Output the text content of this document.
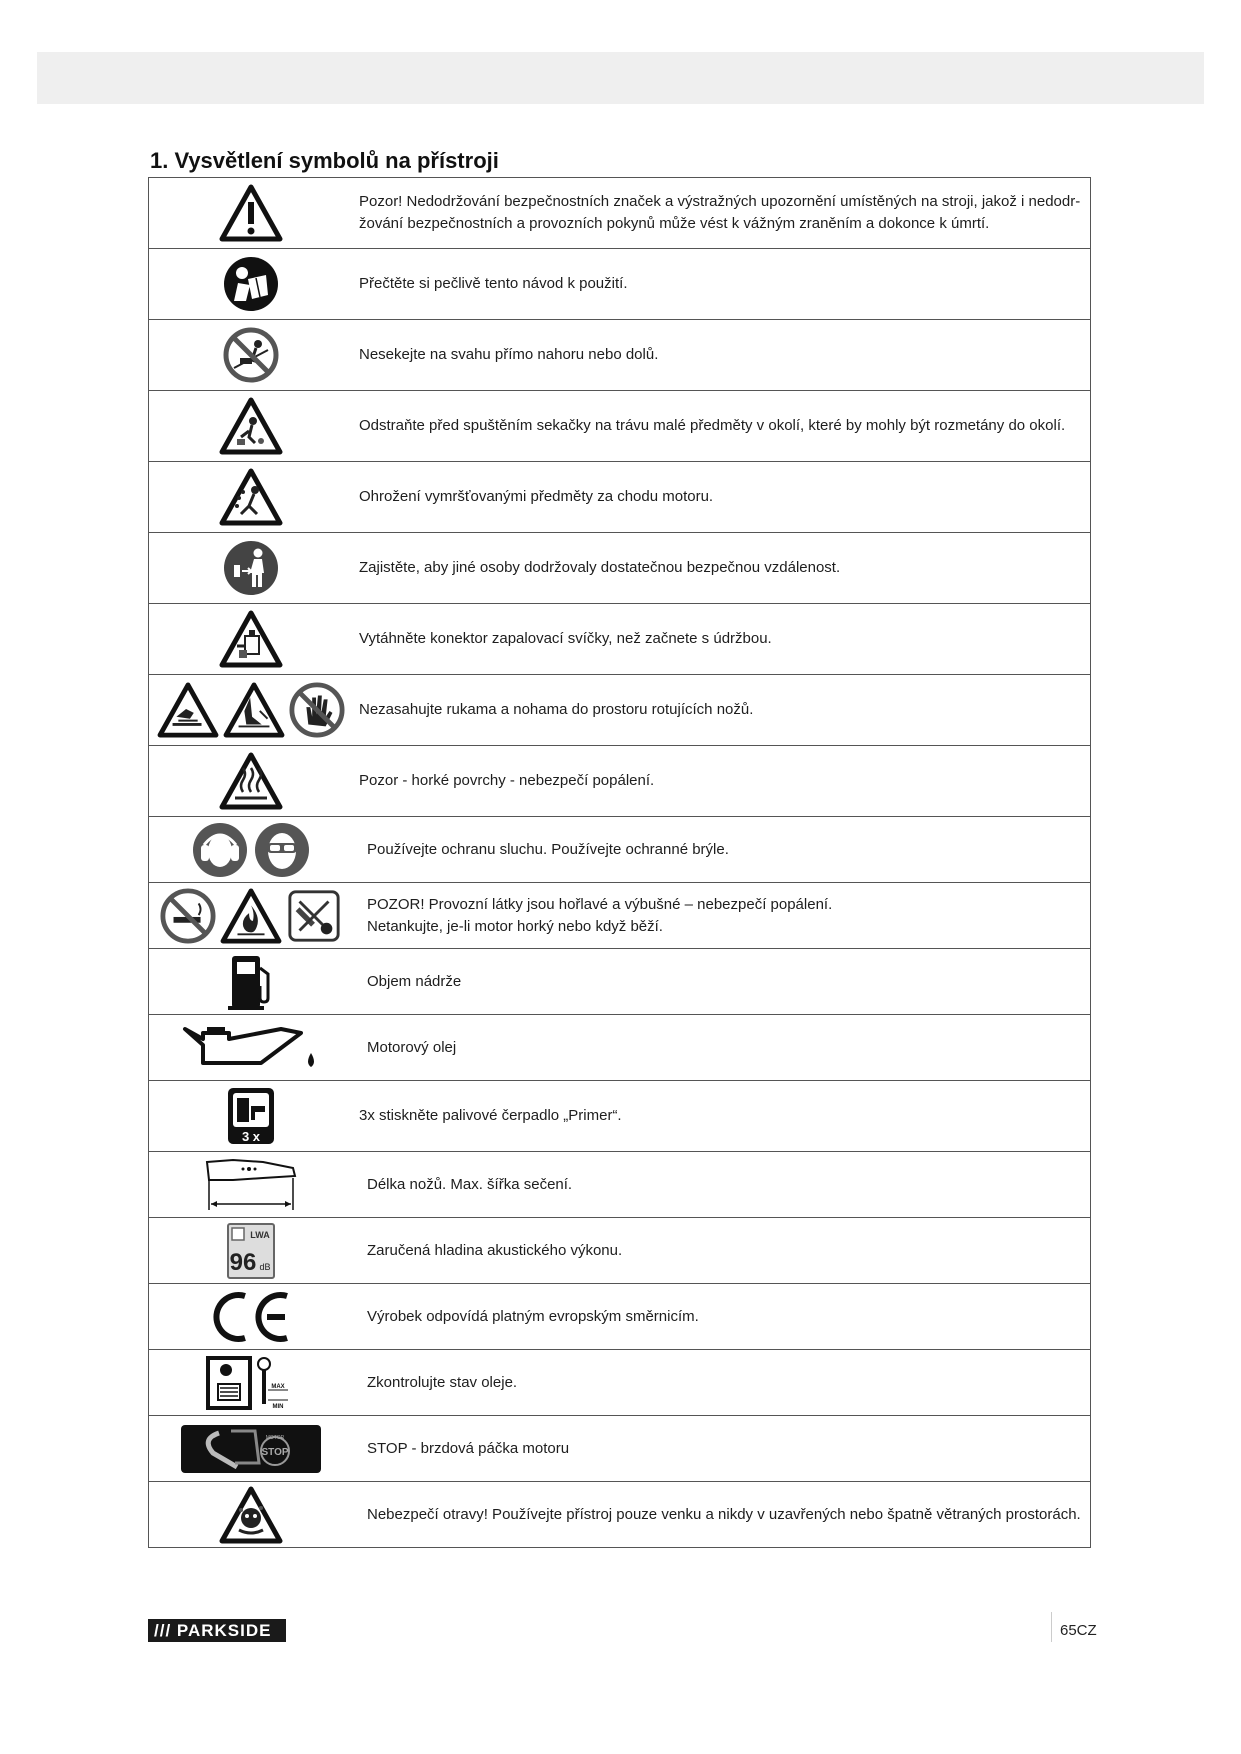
1. Vysvětlení symbolů na přístroji
	Pozor! Nedodržování bezpečnostních značek a výstražných upozornění umístěných na stroji, jakož i nedodr-žování bezpečnostních a provozních pokynů může vést k vážným zraněním a dokonce k úmrtí.

	Přečtěte si pečlivě tento návod k použití.

	Nesekejte na svahu přímo nahoru nebo dolů.

	Odstraňte před spuštěním sekačky na trávu malé předměty v okolí, které by mohly být rozmetány do okolí.

	Ohrožení vymršťovanými předměty za chodu motoru.

	Zajistěte, aby jiné osoby dodržovaly dostatečnou bezpečnou vzdálenost.

	Vytáhněte konektor zapalovací svíčky, než začnete s údržbou.

	Nezasahujte rukama a nohama do prostoru rotujících nožů.

	Pozor - horké povrchy - nebezpečí popálení.

	Používejte ochranu sluchu. Používejte ochranné brýle.

POZOR! Provozní látky jsou hořlavé a výbušné – nebezpečí popálení.
Netankujte, je-li motor horký nebo když běží.

	Objem nádrže

	Motorový olej

3 x	3x stiskněte palivové čerpadlo „Primer“.

	Délka nožů. Max. šířka sečení.

LWA
96 dB	Zaručená hladina akustického výkonu.

	Výrobek odpovídá platným evropským směrnicím.

MAX
MIN	Zkontrolujte stav oleje.

MOTOR
STOP	STOP - brzdová páčka motoru

	Nebezpečí otravy! Používejte přístroj pouze venku a nikdy v uzavřených nebo špatně větraných prostorách.
/// PARKSIDE	65CZ
